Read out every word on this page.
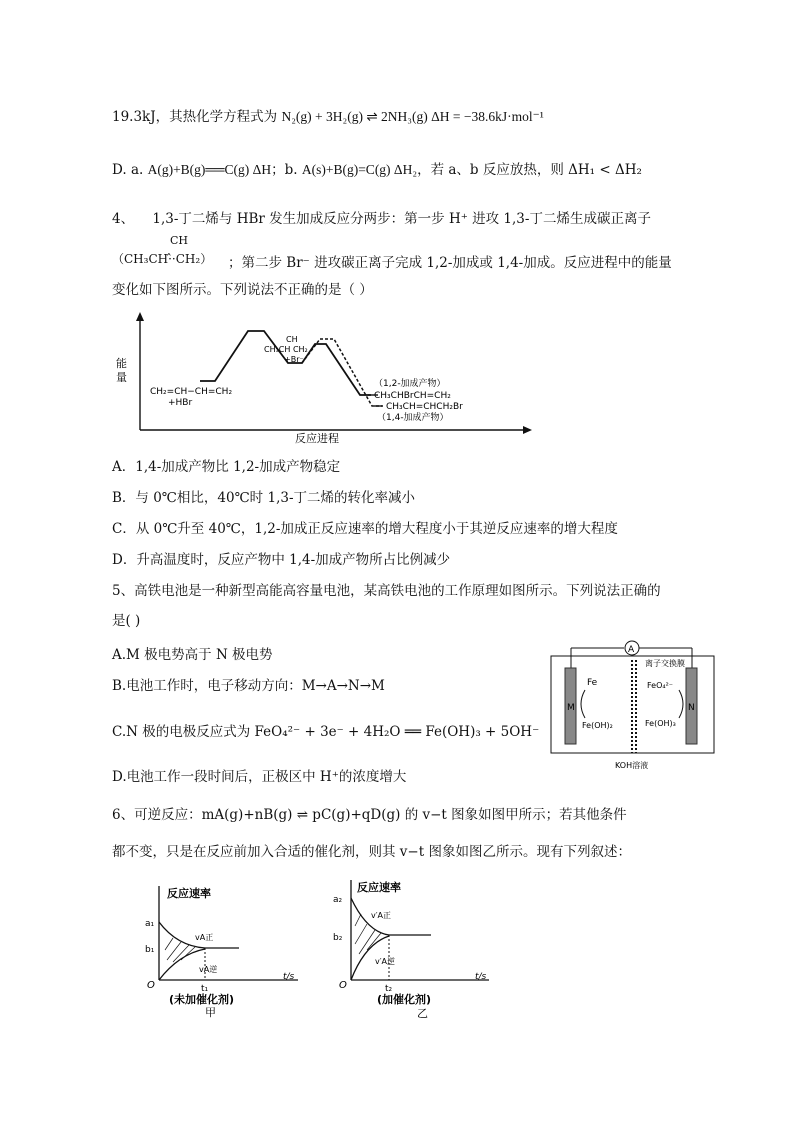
19.3kJ，其热化学方程式为 N₂(g) + 3H₂(g) ⇌ 2NH₃(g) ΔH = −38.6kJ·mol⁻¹
D. a. A(g)+B(g)══C(g) ΔH；b. A(s)+B(g)=C(g) ΔH₂，若 a、b 反应放热，则 ΔH₁ < ΔH₂
4、 1,3-丁二烯与 HBr 发生加成反应分两步：第一步 H⁺ 进攻 1,3-丁二烯生成碳正离子
CH
（CH₃CH·̂·CH₂） ；第二步 Br⁻ 进攻碳正离子完成 1,2-加成或 1,4-加成。反应进程中的能量
变化如下图所示。下列说法不正确的是（ ）
能
量
反应进程
CH₂=CH−CH=CH₂
+HBr
CH
CH₃CH CH₂
+Br⁻
（1,2-加成产物）
CH₃CHBrCH=CH₂
CH₃CH=CHCH₂Br
（1,4-加成产物）
A．1,4-加成产物比 1,2-加成产物稳定
B．与 0℃相比，40℃时 1,3-丁二烯的转化率减小
C．从 0℃升至 40℃，1,2-加成正反应速率的增大程度小于其逆反应速率的增大程度
D．升高温度时，反应产物中 1,4-加成产物所占比例减少
5、高铁电池是一种新型高能高容量电池，某高铁电池的工作原理如图所示。下列说法正确的
是( )
A.M 极电势高于 N 极电势
B.电池工作时，电子移动方向：M→A→N→M
C.N 极的电极反应式为 FeO₄²⁻ + 3e⁻ + 4H₂O ══ Fe(OH)₃ + 5OH⁻
D.电池工作一段时间后，正极区中 H⁺的浓度增大
A
离子交换膜
Fe
M
Fe(OH)₂
FeO₄²⁻
N
Fe(OH)₃
KOH溶液
6、可逆反应：mA(g)+nB(g) ⇌ pC(g)+qD(g) 的 v−t 图象如图甲所示；若其他条件
都不变，只是在反应前加入合适的催化剂，则其 v−t 图象如图乙所示。现有下列叙述：
反应速率
a₁
b₁
O
vA正
vA逆
t₁
t/s
(未加催化剂)
甲
反应速率
a₂
b₂
O
v′A正
v′A逆
t₂
t/s
(加催化剂)
乙
